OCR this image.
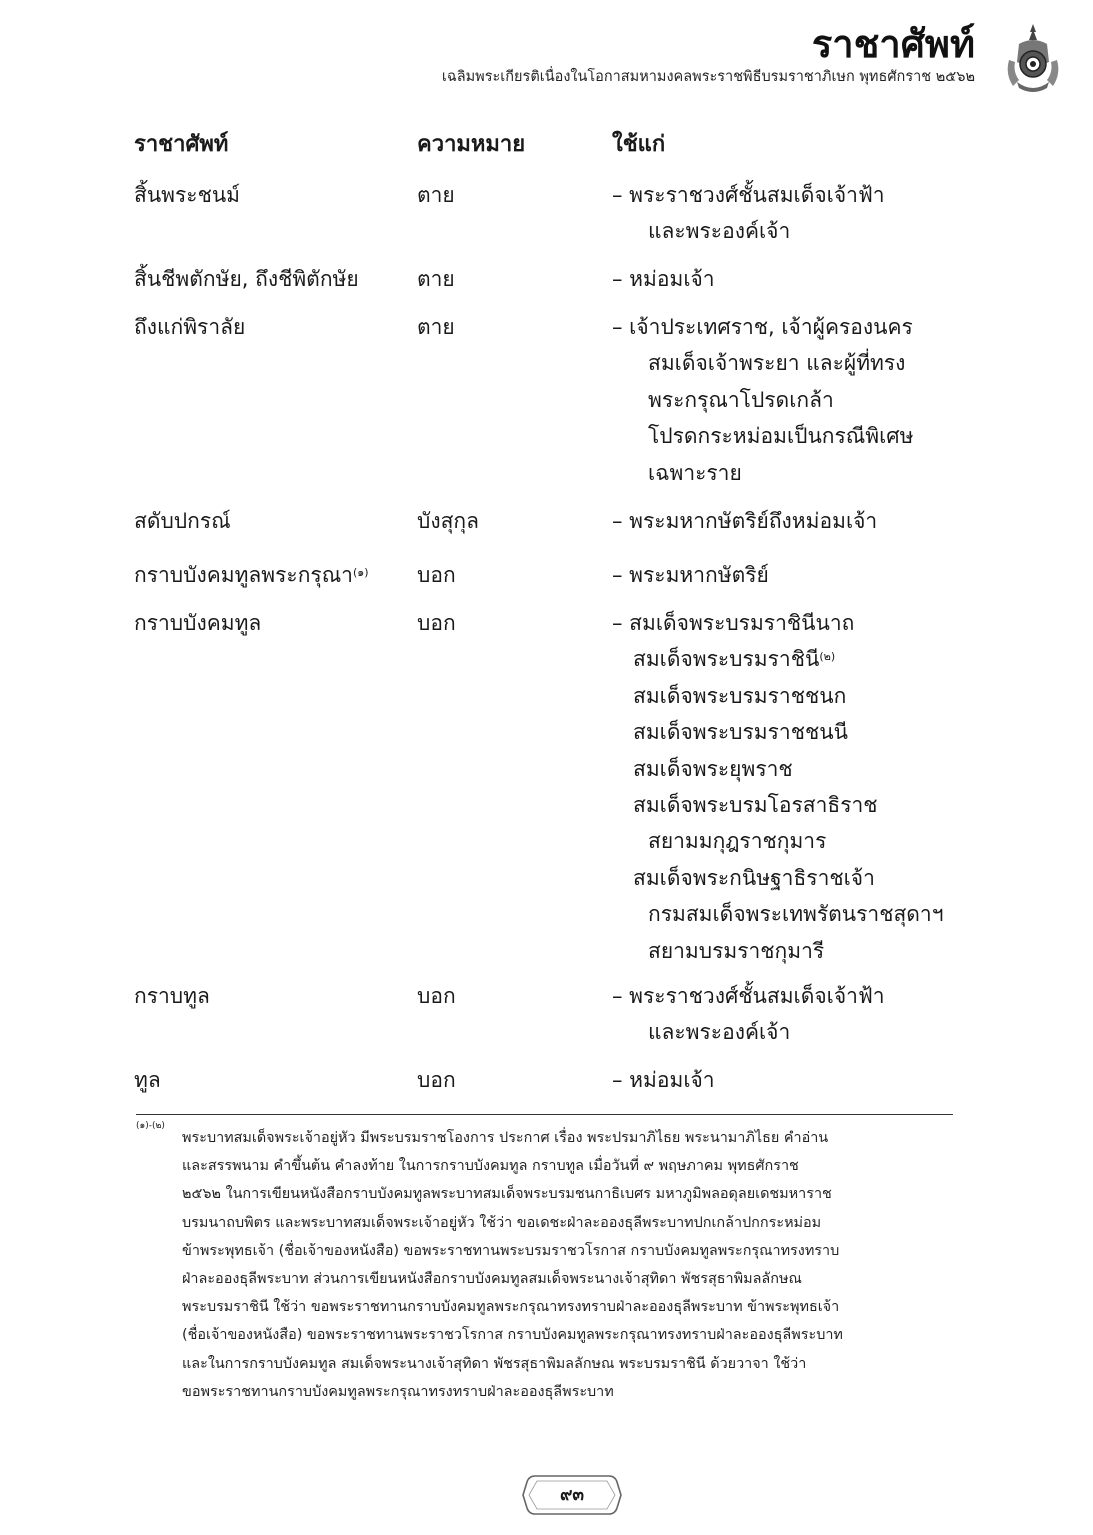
ราชาศัพท์
เฉลิมพระเกียรติเนื่องในโอกาสมหามงคลพระราชพิธีบรมราชาภิเษก พุทธศักราช ๒๕๖๒
ราชาศัพท์	ความหมาย	ใช้แก่
สิ้นพระชนม์	ตาย	– พระราชวงศ์ชั้นสมเด็จเจ้าฟ้า
และพระองค์เจ้า
สิ้นชีพตักษัย, ถึงชีพิตักษัย	ตาย	– หม่อมเจ้า
ถึงแก่พิราลัย	ตาย	– เจ้าประเทศราช, เจ้าผู้ครองนคร
สมเด็จเจ้าพระยา และผู้ที่ทรง
พระกรุณาโปรดเกล้า
โปรดกระหม่อมเป็นกรณีพิเศษ
เฉพาะราย
สดับปกรณ์	บังสุกุล	– พระมหากษัตริย์ถึงหม่อมเจ้า
กราบบังคมทูลพระกรุณา$^{(๑)}$ บอก	– พระมหากษัตริย์
กราบบังคมทูล	บอก	– สมเด็จพระบรมราชินีนาถ
สมเด็จพระบรมราชินี$^{(๒)}$
สมเด็จพระบรมราชชนก
สมเด็จพระบรมราชชนนี
สมเด็จพระยุพราช
สมเด็จพระบรมโอรสาธิราช
สยามมกุฎราชกุมาร
สมเด็จพระกนิษฐาธิราชเจ้า
กรมสมเด็จพระเทพรัตนราชสุดาฯ
สยามบรมราชกุมารี
กราบทูล	บอก	– พระราชวงศ์ชั้นสมเด็จเจ้าฟ้า
และพระองค์เจ้า
ทูล	บอก	– หม่อมเจ้า
(๑)-(๒)
พระบาทสมเด็จพระเจ้าอยู่หัว มีพระบรมราชโองการ ประกาศ เรื่อง พระปรมาภิไธย พระนามาภิไธย คำอ่าน
และสรรพนาม คำขึ้นต้น คำลงท้าย ในการกราบบังคมทูล กราบทูล เมื่อวันที่ ๙ พฤษภาคม พุทธศักราช
๒๕๖๒ ในการเขียนหนังสือกราบบังคมทูลพระบาทสมเด็จพระบรมชนกาธิเบศร มหาภูมิพลอดุลยเดชมหาราช
บรมนาถบพิตร และพระบาทสมเด็จพระเจ้าอยู่หัว ใช้ว่า ขอเดชะฝ่าละอองธุลีพระบาทปกเกล้าปกกระหม่อม
ข้าพระพุทธเจ้า (ชื่อเจ้าของหนังสือ) ขอพระราชทานพระบรมราชวโรกาส กราบบังคมทูลพระกรุณาทรงทราบ
ฝ่าละอองธุลีพระบาท ส่วนการเขียนหนังสือกราบบังคมทูลสมเด็จพระนางเจ้าสุทิดา พัชรสุธาพิมลลักษณ
พระบรมราชินี ใช้ว่า ขอพระราชทานกราบบังคมทูลพระกรุณาทรงทราบฝ่าละอองธุลีพระบาท ข้าพระพุทธเจ้า
(ชื่อเจ้าของหนังสือ) ขอพระราชทานพระราชวโรกาส กราบบังคมทูลพระกรุณาทรงทราบฝ่าละอองธุลีพระบาท
และในการกราบบังคมทูล สมเด็จพระนางเจ้าสุทิดา พัชรสุธาพิมลลักษณ พระบรมราชินี ด้วยวาจา ใช้ว่า
ขอพระราชทานกราบบังคมทูลพระกรุณาทรงทราบฝ่าละอองธุลีพระบาท
๙๓
